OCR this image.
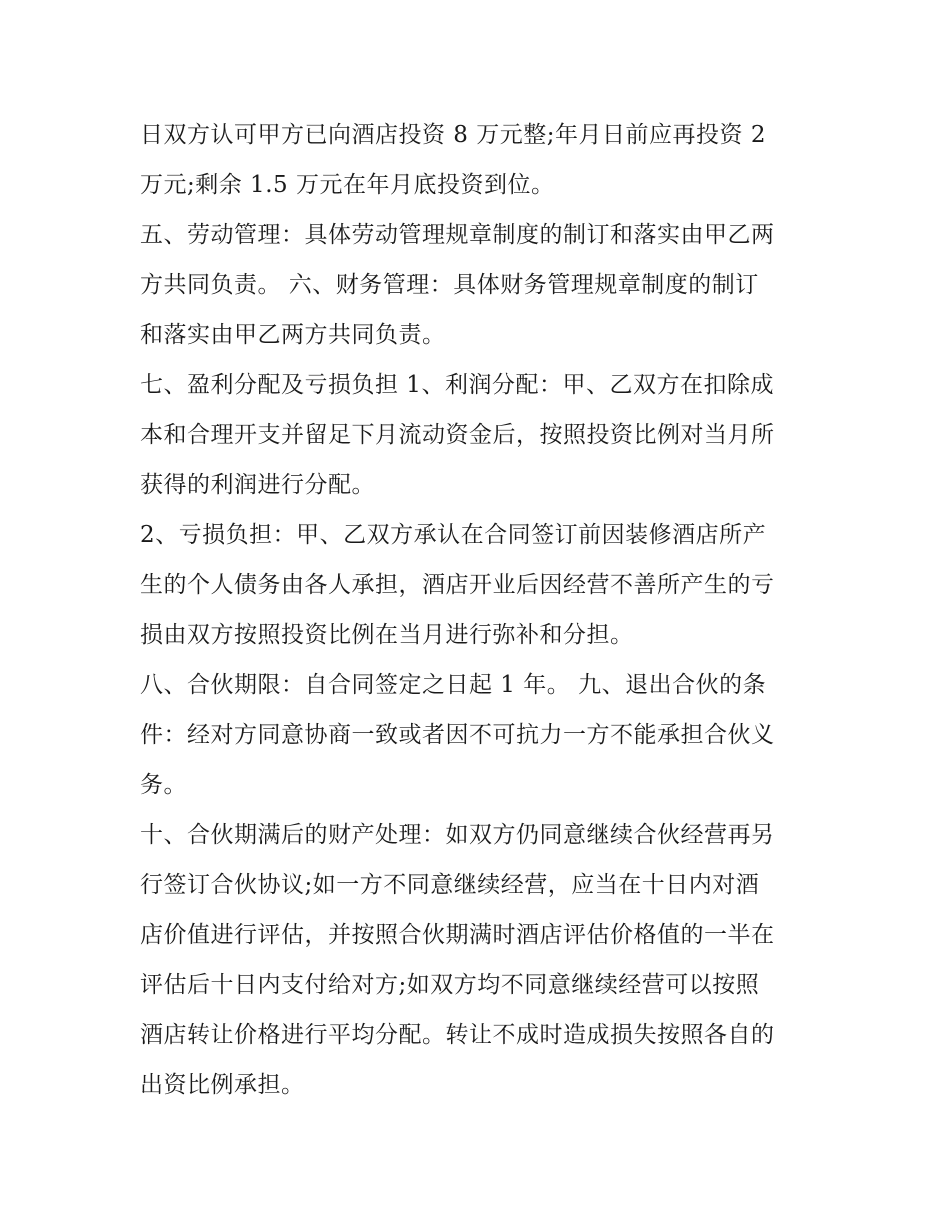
日双方认可甲方已向酒店投资 8 万元整;年月日前应再投资 2
万元;剩余 1.5 万元在年月底投资到位。
五、劳动管理：具体劳动管理规章制度的制订和落实由甲乙两
方共同负责。 六、财务管理：具体财务管理规章制度的制订
和落实由甲乙两方共同负责。
七、盈利分配及亏损负担 1、利润分配：甲、乙双方在扣除成
本和合理开支并留足下月流动资金后，按照投资比例对当月所
获得的利润进行分配。
2、亏损负担：甲、乙双方承认在合同签订前因装修酒店所产
生的个人债务由各人承担，酒店开业后因经营不善所产生的亏
损由双方按照投资比例在当月进行弥补和分担。
八、合伙期限：自合同签定之日起 1 年。 九、退出合伙的条
件：经对方同意协商一致或者因不可抗力一方不能承担合伙义
务。
十、合伙期满后的财产处理：如双方仍同意继续合伙经营再另
行签订合伙协议;如一方不同意继续经营，应当在十日内对酒
店价值进行评估，并按照合伙期满时酒店评估价格值的一半在
评估后十日内支付给对方;如双方均不同意继续经营可以按照
酒店转让价格进行平均分配。转让不成时造成损失按照各自的
出资比例承担。
